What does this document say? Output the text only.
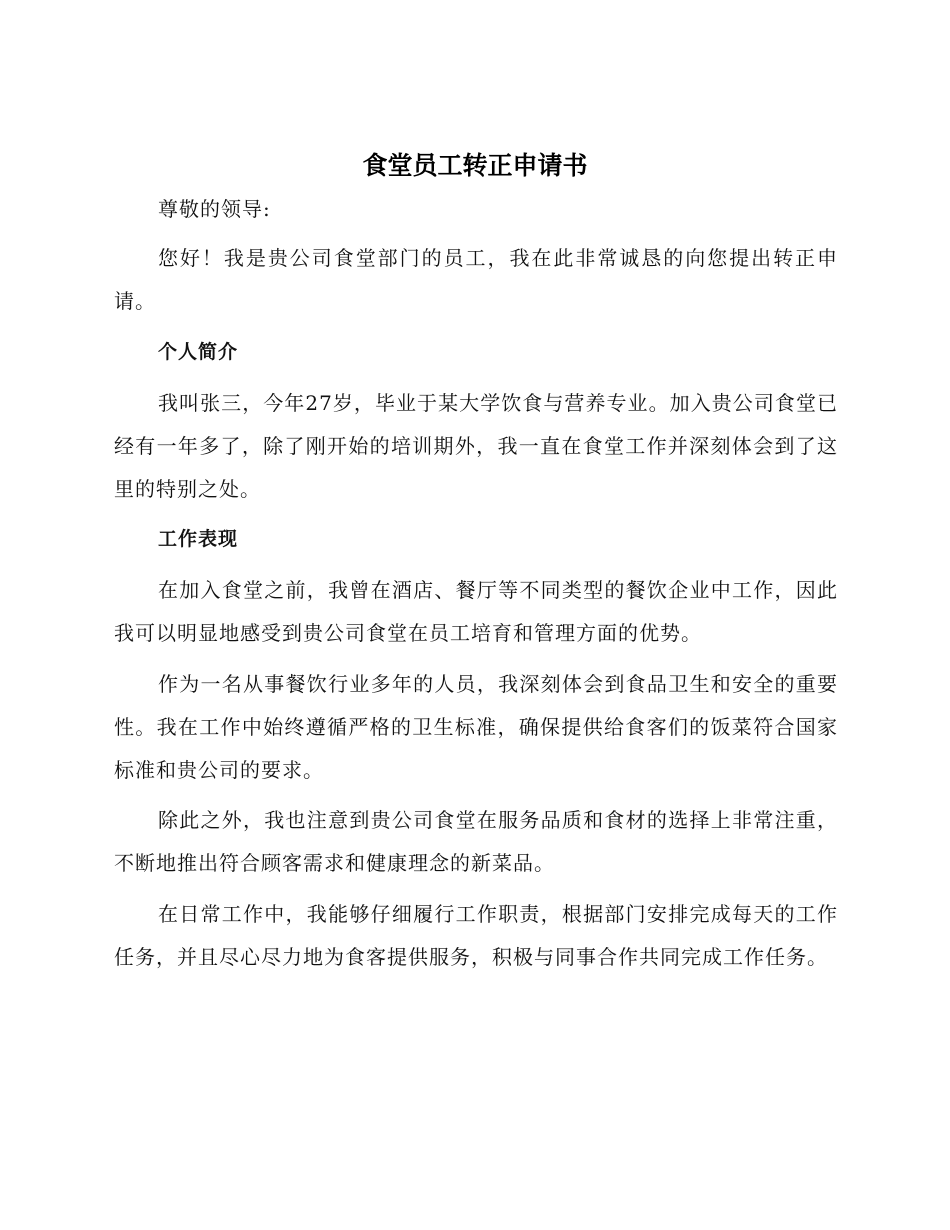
食堂员工转正申请书

尊敬的领导:

您好！我是贵公司食堂部门的员工，我在此非常诚恳的向您提出转正申请。

个人简介

我叫张三，今年27岁，毕业于某大学饮食与营养专业。加入贵公司食堂已经有一年多了，除了刚开始的培训期外，我一直在食堂工作并深刻体会到了这里的特别之处。

工作表现

在加入食堂之前，我曾在酒店、餐厅等不同类型的餐饮企业中工作，因此我可以明显地感受到贵公司食堂在员工培育和管理方面的优势。

作为一名从事餐饮行业多年的人员，我深刻体会到食品卫生和安全的重要性。我在工作中始终遵循严格的卫生标准，确保提供给食客们的饭菜符合国家标准和贵公司的要求。

除此之外，我也注意到贵公司食堂在服务品质和食材的选择上非常注重，不断地推出符合顾客需求和健康理念的新菜品。

在日常工作中，我能够仔细履行工作职责，根据部门安排完成每天的工作任务，并且尽心尽力地为食客提供服务，积极与同事合作共同完成工作任务。
